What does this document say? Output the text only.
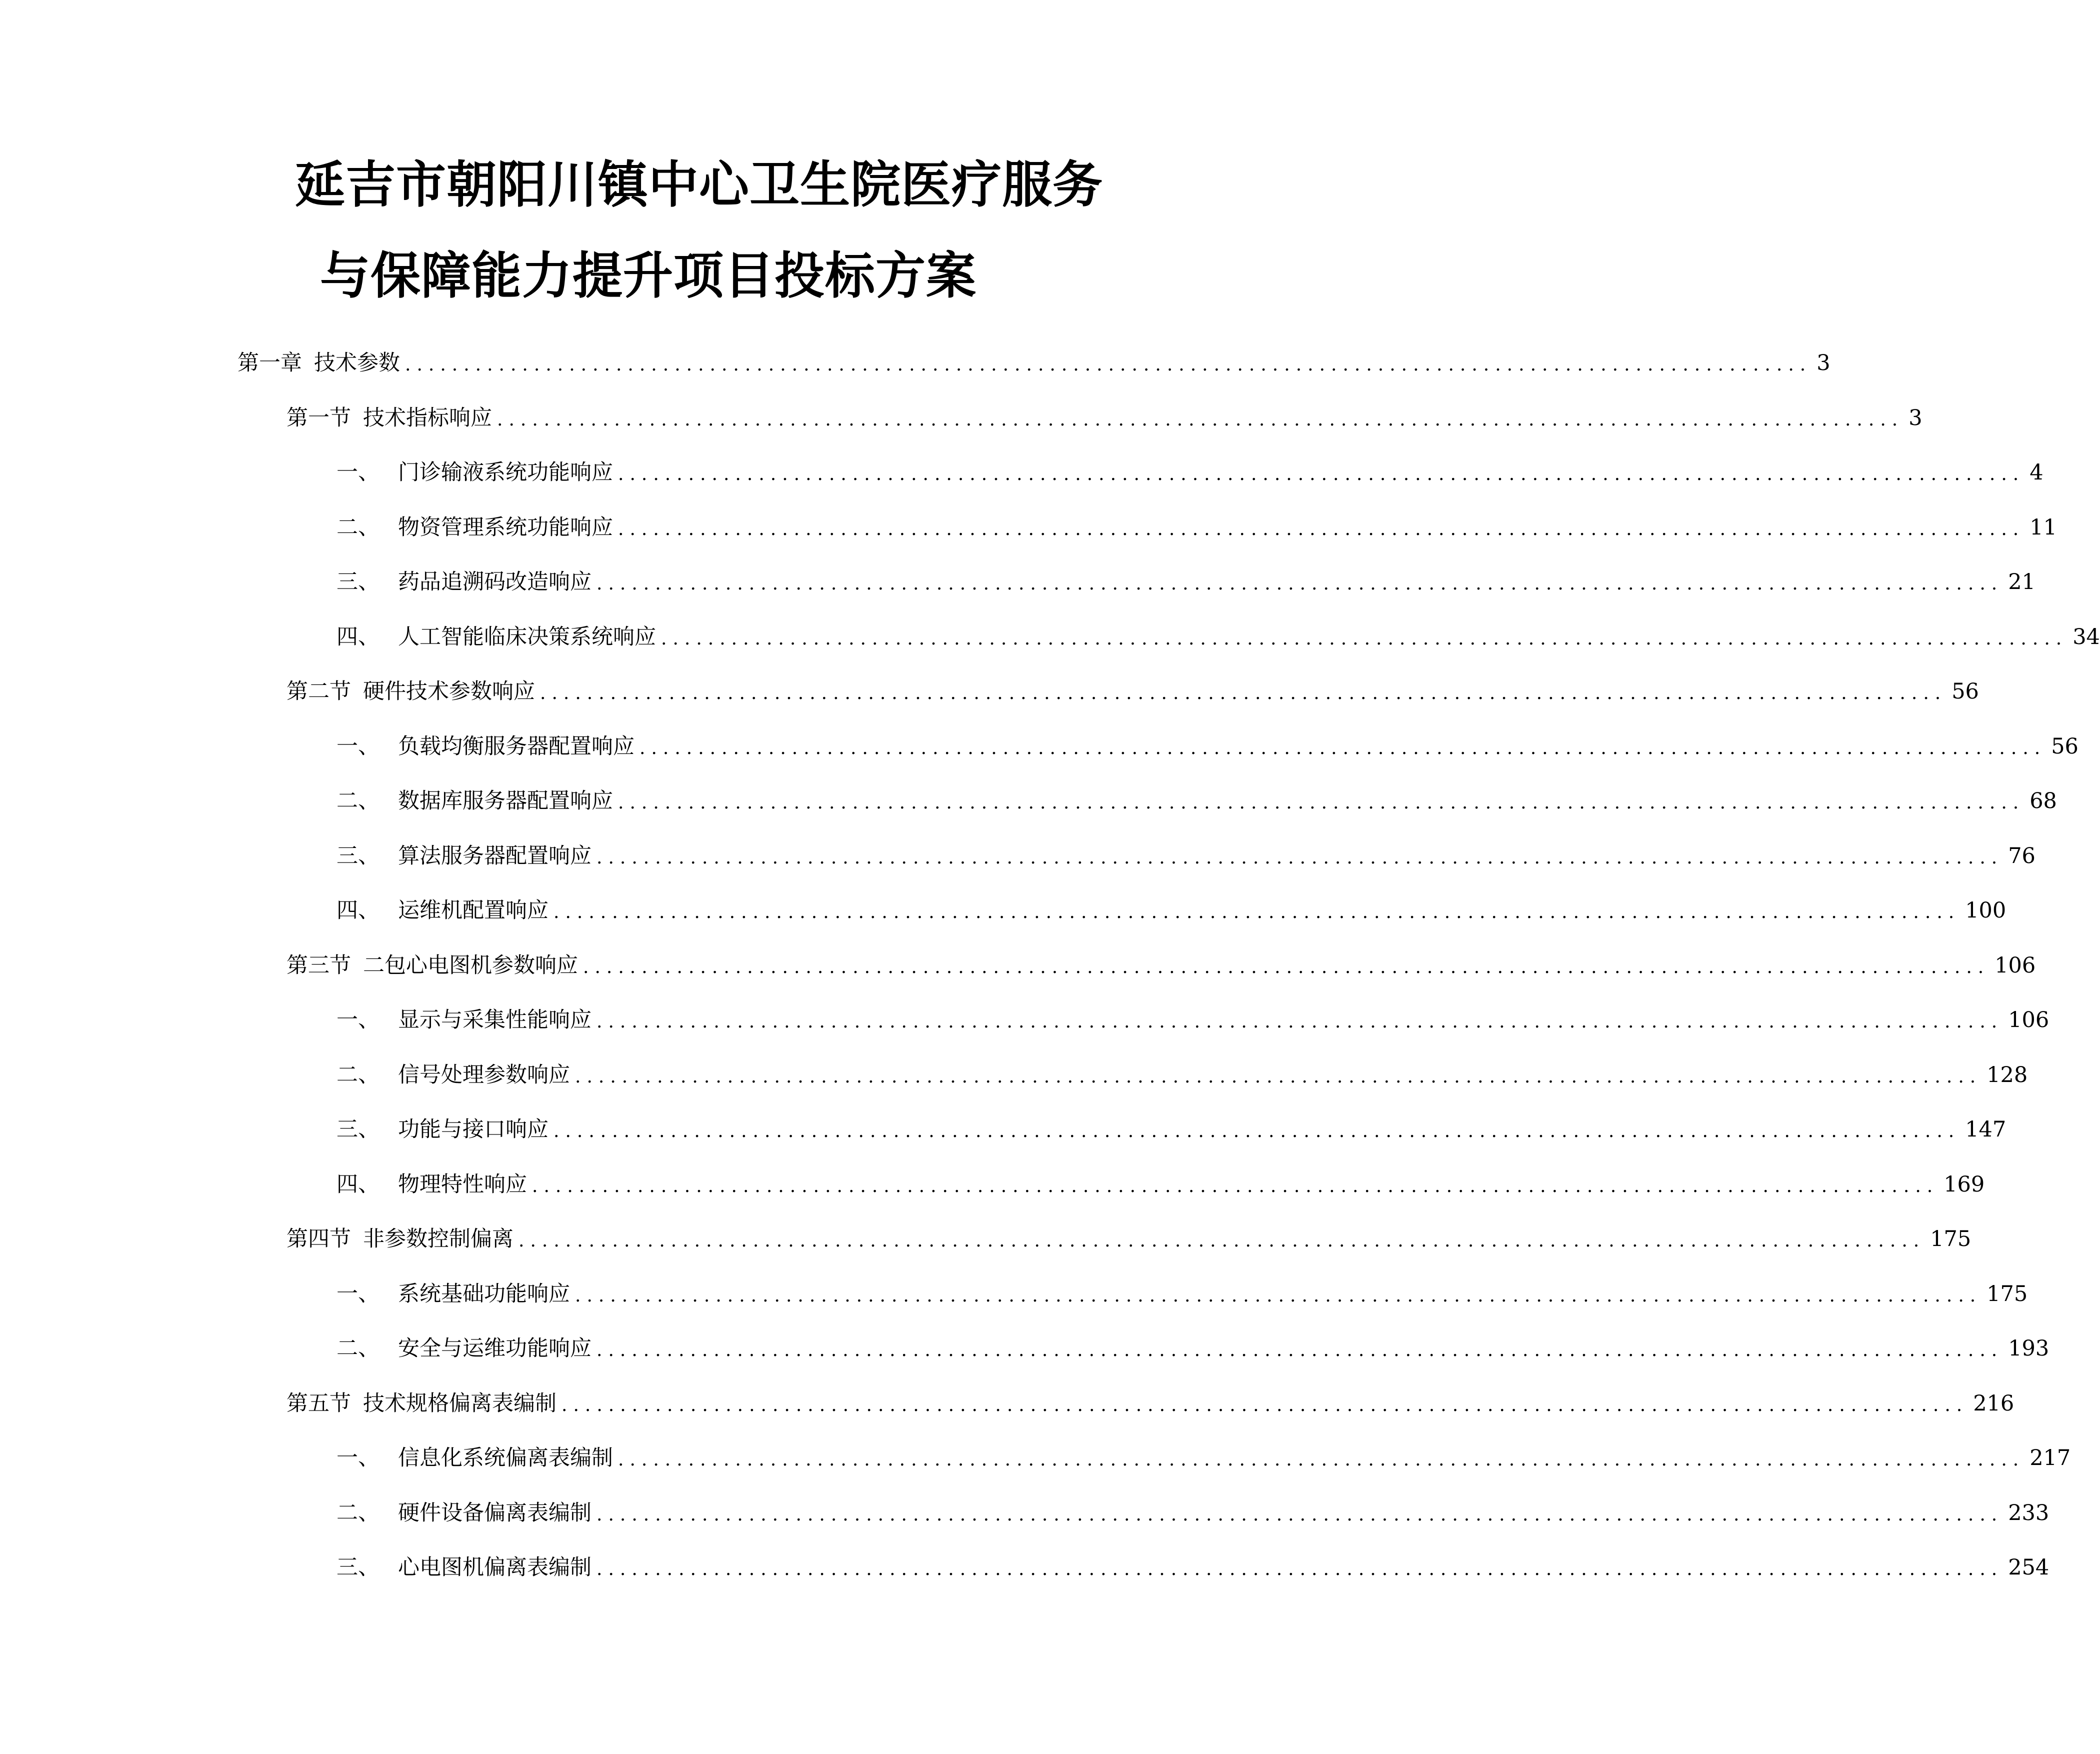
延吉市朝阳川镇中心卫生院医疗服务
与保障能力提升项目投标方案
第一章 技术参数 ........................................................................................................................ 3
第一节 技术指标响应 ........................................................................................................................ 3
一、 门诊输液系统功能响应 ........................................................................................................................ 4
二、 物资管理系统功能响应 ........................................................................................................................ 11
三、 药品追溯码改造响应 ........................................................................................................................ 21
四、 人工智能临床决策系统响应 ........................................................................................................................ 34
第二节 硬件技术参数响应 ........................................................................................................................ 56
一、 负载均衡服务器配置响应 ........................................................................................................................ 56
二、 数据库服务器配置响应 ........................................................................................................................ 68
三、 算法服务器配置响应 ........................................................................................................................ 76
四、 运维机配置响应 ........................................................................................................................ 100
第三节 二包心电图机参数响应 ........................................................................................................................ 106
一、 显示与采集性能响应 ........................................................................................................................ 106
二、 信号处理参数响应 ........................................................................................................................ 128
三、 功能与接口响应 ........................................................................................................................ 147
四、 物理特性响应 ........................................................................................................................ 169
第四节 非参数控制偏离 ........................................................................................................................ 175
一、 系统基础功能响应 ........................................................................................................................ 175
二、 安全与运维功能响应 ........................................................................................................................ 193
第五节 技术规格偏离表编制 ........................................................................................................................ 216
一、 信息化系统偏离表编制 ........................................................................................................................ 217
二、 硬件设备偏离表编制 ........................................................................................................................ 233
三、 心电图机偏离表编制 ........................................................................................................................ 254
